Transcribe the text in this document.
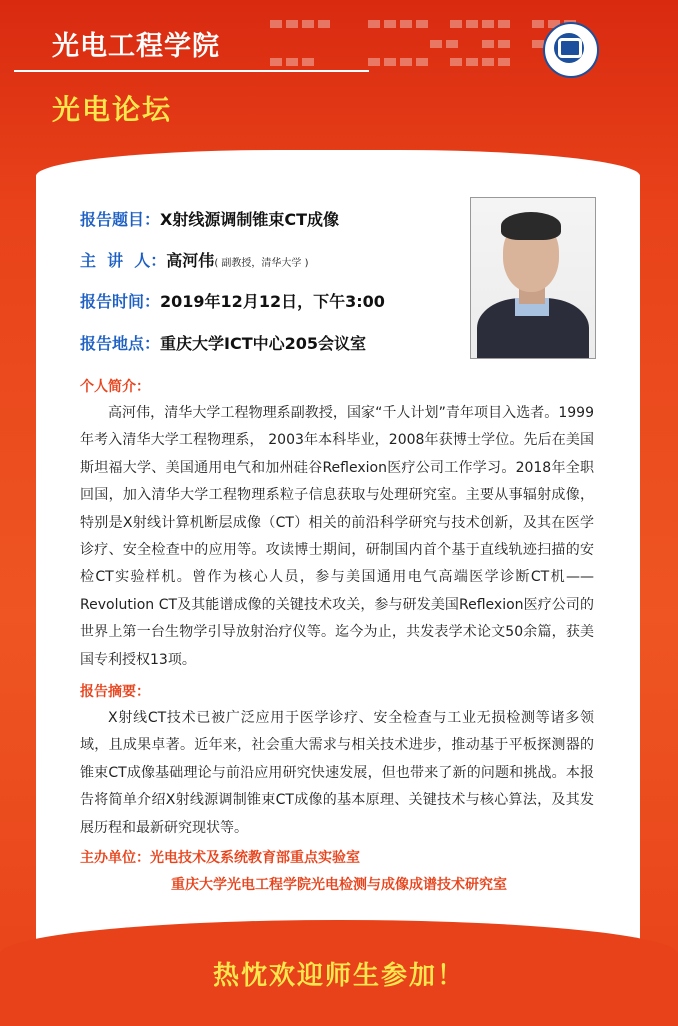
光电工程学院
光电论坛
报告题目：X射线源调制锥束CT成像
主  讲  人：高河伟( 副教授，清华大学 )
报告时间：2019年12月12日，下午3:00
报告地点：重庆大学ICT中心205会议室
个人简介：
高河伟，清华大学工程物理系副教授，国家“千人计划”青年项目入选者。1999年考入清华大学工程物理系， 2003年本科毕业，2008年获博士学位。先后在美国斯坦福大学、美国通用电气和加州硅谷Reflexion医疗公司工作学习。2018年全职回国，加入清华大学工程物理系粒子信息获取与处理研究室。主要从事辐射成像，特别是X射线计算机断层成像（CT）相关的前沿科学研究与技术创新，及其在医学诊疗、安全检查中的应用等。攻读博士期间，研制国内首个基于直线轨迹扫描的安检CT实验样机。曾作为核心人员，参与美国通用电气高端医学诊断CT机——Revolution CT及其能谱成像的关键技术攻关，参与研发美国Reflexion医疗公司的世界上第一台生物学引导放射治疗仪等。迄今为止，共发表学术论文50余篇，获美国专利授权13项。
报告摘要：
X射线CT技术已被广泛应用于医学诊疗、安全检查与工业无损检测等诸多领域，且成果卓著。近年来，社会重大需求与相关技术进步，推动基于平板探测器的锥束CT成像基础理论与前沿应用研究快速发展，但也带来了新的问题和挑战。本报告将简单介绍X射线源调制锥束CT成像的基本原理、关键技术与核心算法，及其发展历程和最新研究现状等。
主办单位：光电技术及系统教育部重点实验室
重庆大学光电工程学院光电检测与成像成谱技术研究室
热忱欢迎师生参加！
